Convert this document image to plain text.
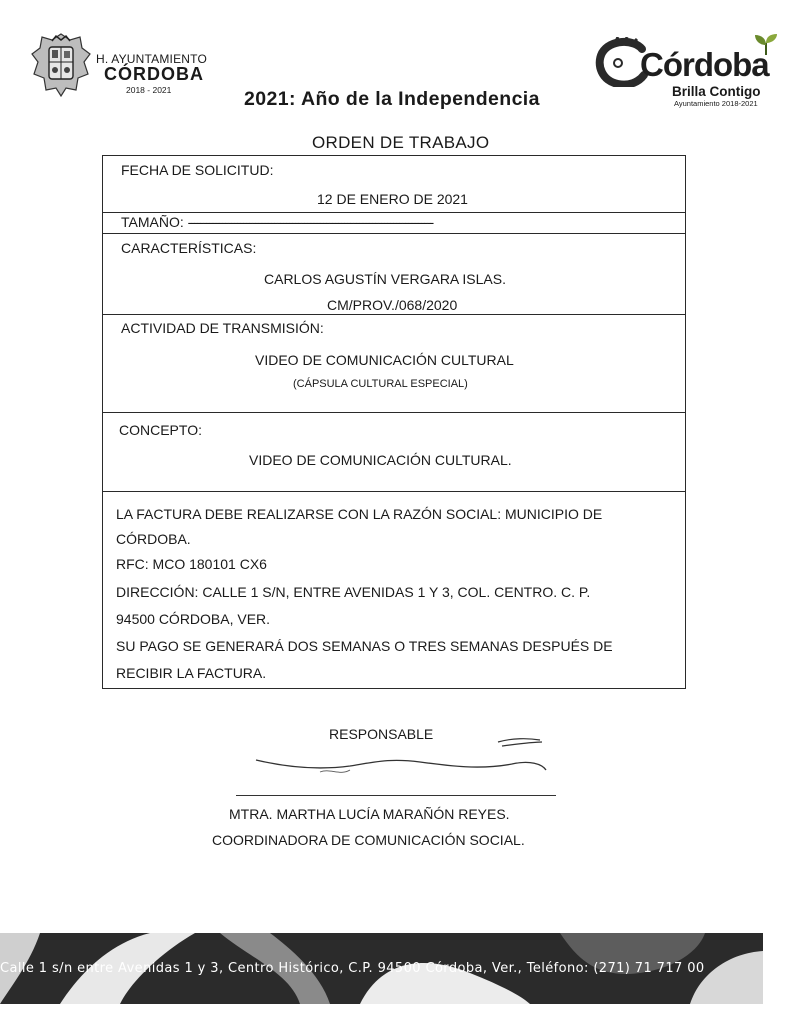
H. AYUNTAMIENTO
CÓRDOBA
2018 - 2021	2021: Año de la Independencia
Córdoba
Brilla Contigo
Ayuntamiento 2018-2021
ORDEN DE TRABAJO
FECHA DE SOLICITUD:
12 DE ENERO DE 2021
TAMAÑO: --------------------------------------------------------------------------------
CARACTERÍSTICAS:
CARLOS AGUSTÍN VERGARA ISLAS.
CM/PROV./068/2020
ACTIVIDAD DE TRANSMISIÓN:
VIDEO DE COMUNICACIÓN CULTURAL
(CÁPSULA CULTURAL ESPECIAL)
CONCEPTO:
VIDEO DE COMUNICACIÓN CULTURAL.
LA FACTURA DEBE REALIZARSE CON LA RAZÓN SOCIAL: MUNICIPIO DE
CÓRDOBA.
RFC: MCO 180101 CX6
DIRECCIÓN: CALLE 1 S/N, ENTRE AVENIDAS 1 Y 3, COL. CENTRO. C. P.
94500 CÓRDOBA, VER.
SU PAGO SE GENERARÁ DOS SEMANAS O TRES SEMANAS DESPUÉS DE
RECIBIR LA FACTURA.
RESPONSABLE
MTRA. MARTHA LUCÍA MARAÑÓN REYES.
COORDINADORA DE COMUNICACIÓN SOCIAL.
Calle 1 s/n entre Avenidas 1 y 3, Centro Histórico, C.P. 94500 Córdoba, Ver., Teléfono: (271) 71 717 00
